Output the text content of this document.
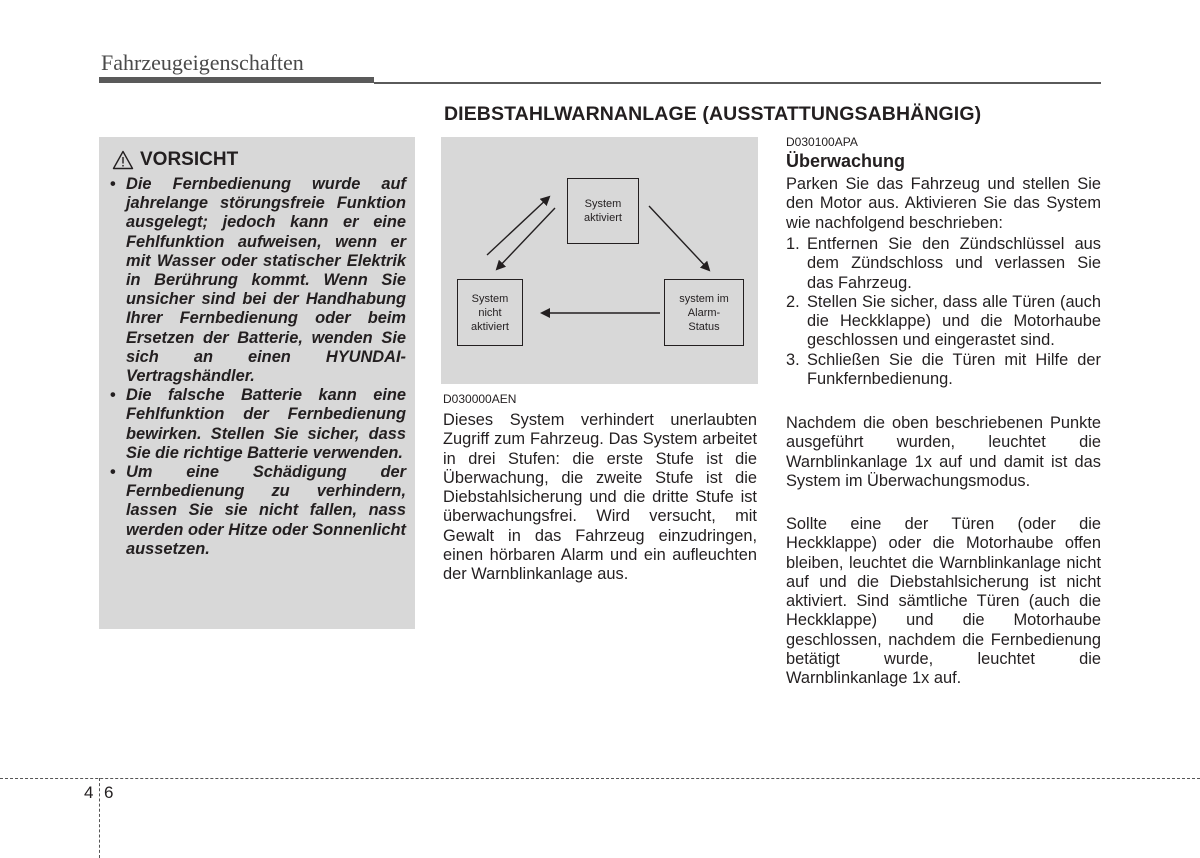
Fahrzeugeigenschaften
DIEBSTAHLWARNANLAGE (AUSSTATTUNGSABHÄNGIG)
VORSICHT
• Die Fernbedienung wurde auf jahrelange störungsfreie Funktion ausgelegt; jedoch kann er eine Fehlfunktion aufweisen, wenn er mit Wasser oder statischer Elektrik in Berührung kommt. Wenn Sie unsicher sind bei der Handhabung Ihrer Fernbedienung oder beim Ersetzen der Batterie, wenden Sie sich an einen HYUNDAI-Vertragshändler.
• Die falsche Batterie kann eine Fehlfunktion der Fernbedienung bewirken. Stellen Sie sicher, dass Sie die richtige Batterie verwenden.
• Um eine Schädigung der Fernbedienung zu verhindern, lassen Sie sie nicht fallen, nass werden oder Hitze oder Sonnenlicht aussetzen.
System
aktiviert
System
nicht
aktiviert
system im
Alarm-
Status
D030000AEN
Dieses System verhindert unerlaubten Zugriff zum Fahrzeug. Das System arbeitet in drei Stufen: die erste Stufe ist die Überwachung, die zweite Stufe ist die Diebstahlsicherung und die dritte Stufe ist überwachungsfrei. Wird versucht, mit Gewalt in das Fahrzeug einzudringen, einen hörbaren Alarm und ein aufleuchten der Warnblinkanlage aus.
D030100APA
Überwachung
Parken Sie das Fahrzeug und stellen Sie den Motor aus. Aktivieren Sie das System wie nachfolgend beschrieben:
1. Entfernen Sie den Zündschlüssel aus dem Zündschloss und verlassen Sie das Fahrzeug.
2. Stellen Sie sicher, dass alle Türen (auch die Heckklappe) und die Motorhaube geschlossen und eingerastet sind.
3. Schließen Sie die Türen mit Hilfe der Funkfernbedienung.
Nachdem die oben beschriebenen Punkte ausgeführt wurden, leuchtet die Warnblinkanlage 1x auf und damit ist das System im Überwachungsmodus.
Sollte eine der Türen (oder die Heckklappe) oder die Motorhaube offen bleiben, leuchtet die Warnblinkanlage nicht auf und die Diebstahlsicherung ist nicht aktiviert. Sind sämtliche Türen (auch die Heckklappe) und die Motorhaube geschlossen, nachdem die Fernbedienung betätigt wurde, leuchtet die Warnblinkanlage 1x auf.
4 6
